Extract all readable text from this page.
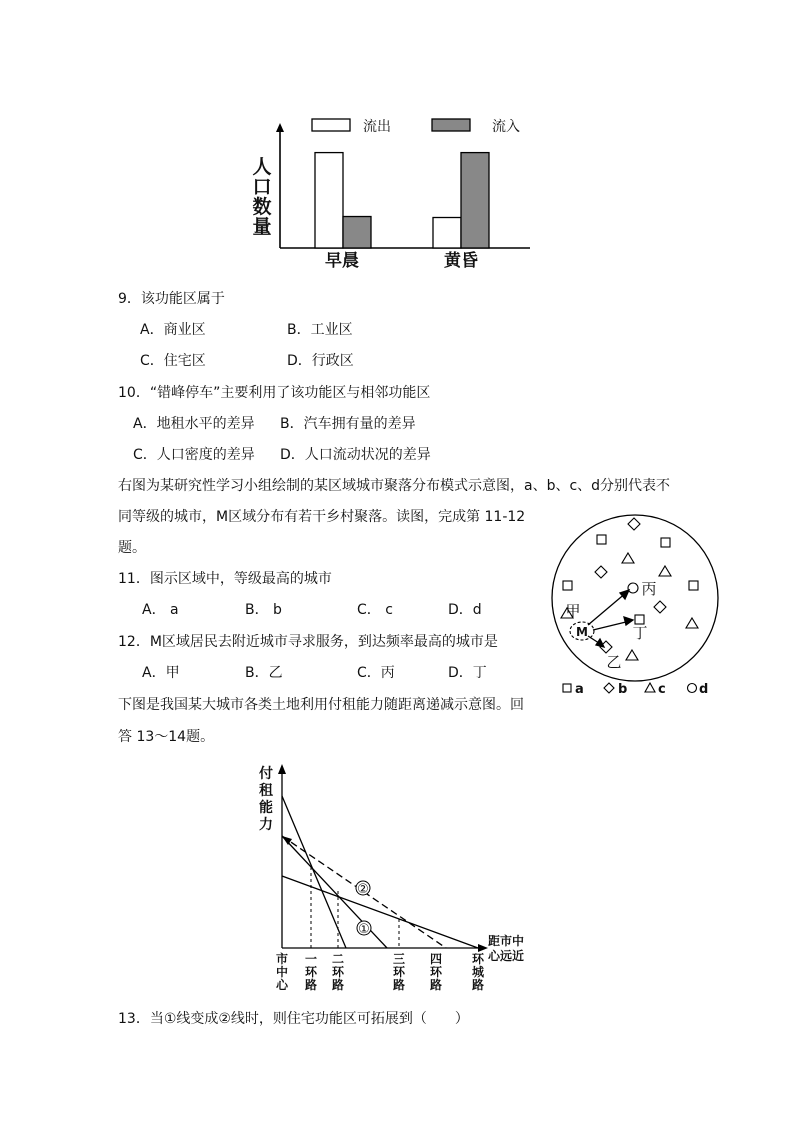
人
口
数
量
流出	流入
早晨	黄昏
9．该功能区属于
A．商业区	B．工业区
C．住宅区	D．行政区
10．“错峰停车”主要利用了该功能区与相邻功能区
A．地租水平的差异 B．汽车拥有量的差异
C．人口密度的差异 D．人口流动状况的差异
右图为某研究性学习小组绘制的某区域城市聚落分布模式示意图，a、b、c、d分别代表不
同等级的城市，M区域分布有若干乡村聚落。读图，完成第 11-12
题。
11．图示区域中，等级最高的城市
A． a	B． b	C． c	D．d
12．M区域居民去附近城市寻求服务，到达频率最高的城市是
A．甲	B．乙	C．丙	D．丁
M
甲
丙
丁
乙
a	b c	d
下图是我国某大城市各类土地利用付租能力随距离递减示意图。回
答 13～14题。
付
租
能
力
②
①
距市中
心远近
市
中
心
一
环
路
二
环
路
三
环
路
四
环
路
环
城
路
13．当①线变成②线时，则住宅功能区可拓展到（　　）
